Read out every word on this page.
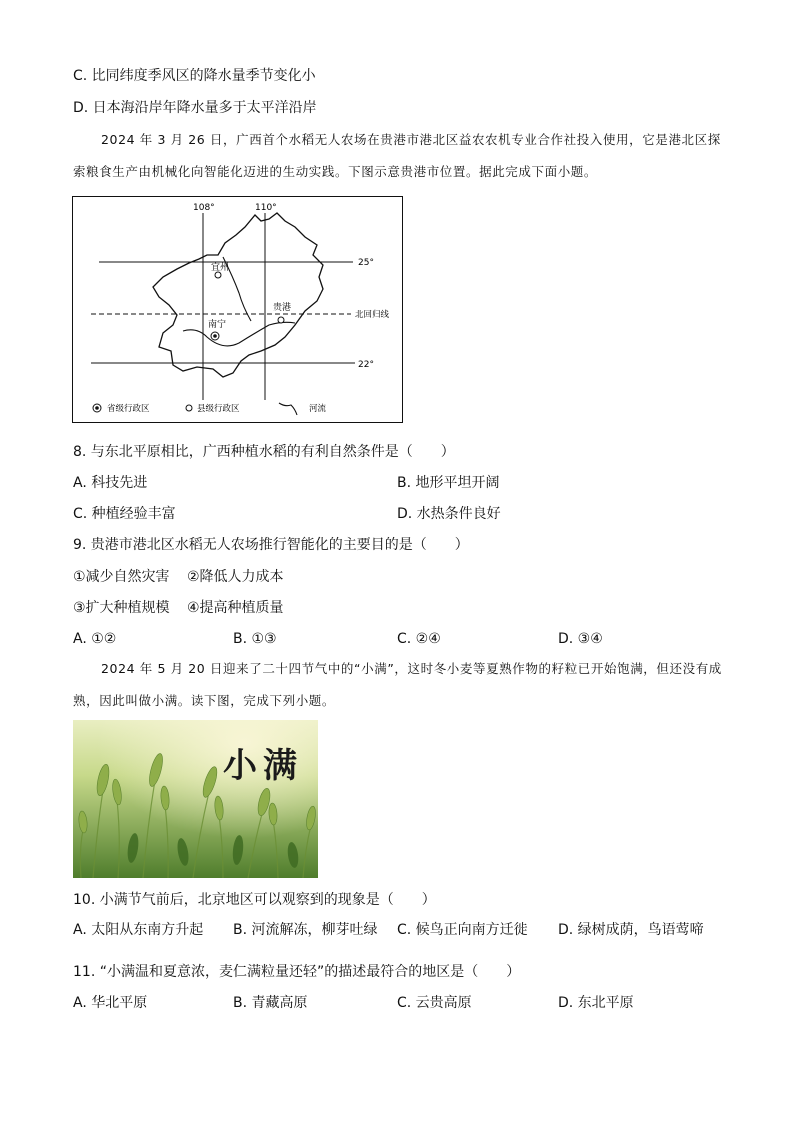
C. 比同纬度季风区的降水量季节变化小
D. 日本海沿岸年降水量多于太平洋沿岸
2024 年 3 月 26 日，广西首个水稻无人农场在贵港市港北区益农农机专业合作社投入使用，它是港北区探索粮食生产由机械化向智能化迈进的生动实践。下图示意贵港市位置。据此完成下面小题。
108°	110°
25°
22°
北回归线
宜州
贵港
南宁
省级行政区	县级行政区	河流
8. 与东北平原相比，广西种植水稻的有利自然条件是（　　）
A. 科技先进	B. 地形平坦开阔
C. 种植经验丰富	D. 水热条件良好
9. 贵港市港北区水稻无人农场推行智能化的主要目的是（　　）
①减少自然灾害 ②降低人力成本
③扩大种植规模 ④提高种植质量
A. ①②	B. ①③	C. ②④	D. ③④
2024 年 5 月 20 日迎来了二十四节气中的“小满”，这时冬小麦等夏熟作物的籽粒已开始饱满，但还没有成熟，因此叫做小满。读下图，完成下列小题。
小满
10. 小满节气前后，北京地区可以观察到的现象是（　　）
A. 太阳从东南方升起 B. 河流解冻，柳芽吐绿 C. 候鸟正向南方迁徙 D. 绿树成荫，鸟语莺啼
11. “小满温和夏意浓，麦仁满粒量还轻”的描述最符合的地区是（　　）
A. 华北平原	B. 青藏高原	C. 云贵高原	D. 东北平原
